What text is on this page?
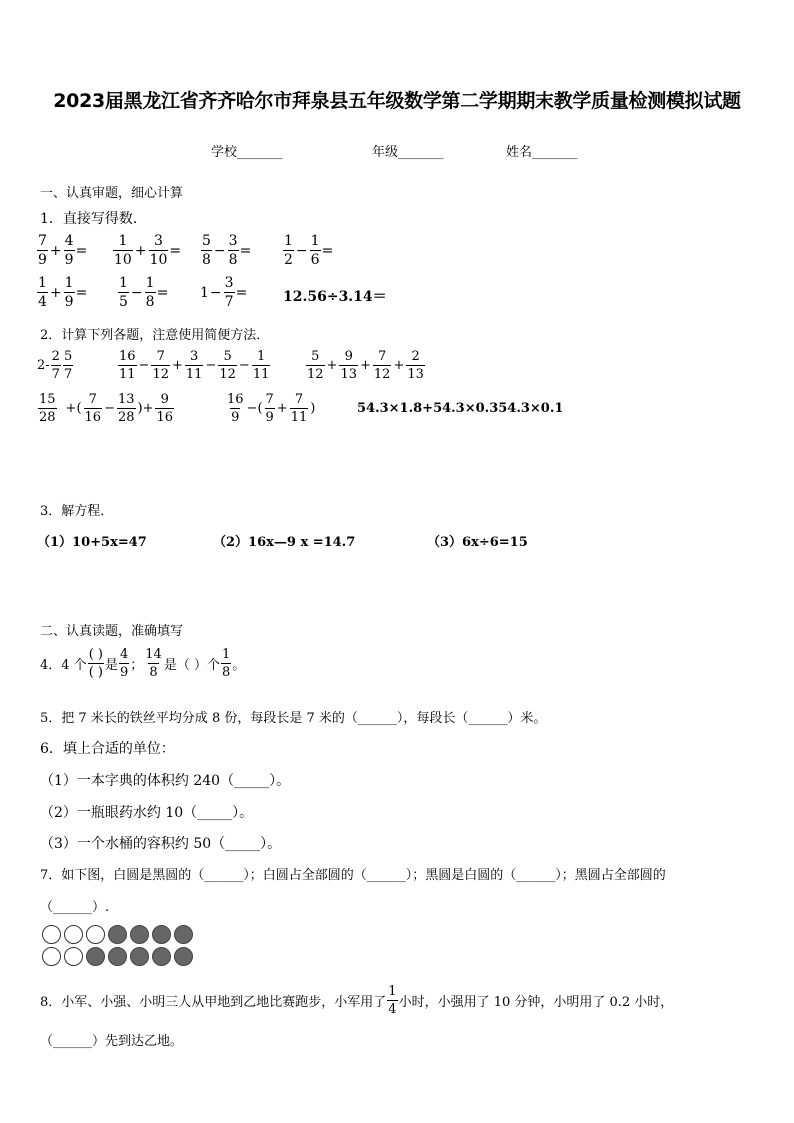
2023届黑龙江省齐齐哈尔市拜泉县五年级数学第二学期期末教学质量检测模拟试题
学校_______	年级_______	姓名_______
一、认真审题，细心计算
1．直接写得数．
$\frac{7}{9} + \frac{4}{9} = \frac{1}{10} + \frac{3}{10} = \frac{5}{8} - \frac{3}{8} = \frac{1}{2} - \frac{1}{6}$ =
$\frac{1}{4} + \frac{1}{9} = \frac{1}{5} - \frac{1}{8} = 1 - \frac{3}{7}$ =	12.56÷3.14＝
2．计算下列各题，注意使用简便方法．
$2- \frac{2}{7} \frac{5}{7}$	$\frac{16}{11} - \frac{7}{12} + \frac{3}{11} - \frac{5}{12} - \frac{1}{11}$	$\frac{5}{12} + \frac{9}{13} + \frac{7}{12} + \frac{2}{13}$
$\frac{15}{28}$ +( $\frac{7}{16} - \frac{13}{28}$ )+ $\frac{9}{16}$	$\frac{16}{9}$ −( $\frac{7}{9} + \frac{7}{11}$ )	54.3×1.8+54.3×0.354.3×0.1
3．解方程．
（1）10+5x=47	（2）16x—9 x =14.7	（3）6x÷6=15
二、认真读题，准确填写
4．4 个 $\frac{( )}{( )}$ 是 $\frac{4}{9}$ ； $\frac{14}{8}$ 是（ ）个 $\frac{1}{8}$ 。
5．把 7 米长的铁丝平均分成 8 份，每段长是 7 米的（______），每段长（______）米。
6．填上合适的单位：
（1）一本字典的体积约 240（_____）。
（2）一瓶眼药水约 10（_____）。
（3）一个水桶的容积约 50（_____）。
7．如下图，白圆是黑圆的（______）；白圆占全部圆的（______）；黑圆是白圆的（______）；黑圆占全部圆的
（______）.
8．小军、小强、小明三人从甲地到乙地比赛跑步，小军用了 $\frac{1}{4}$ 小时，小强用了 10 分钟，小明用了 0.2 小时，
（______）先到达乙地。
